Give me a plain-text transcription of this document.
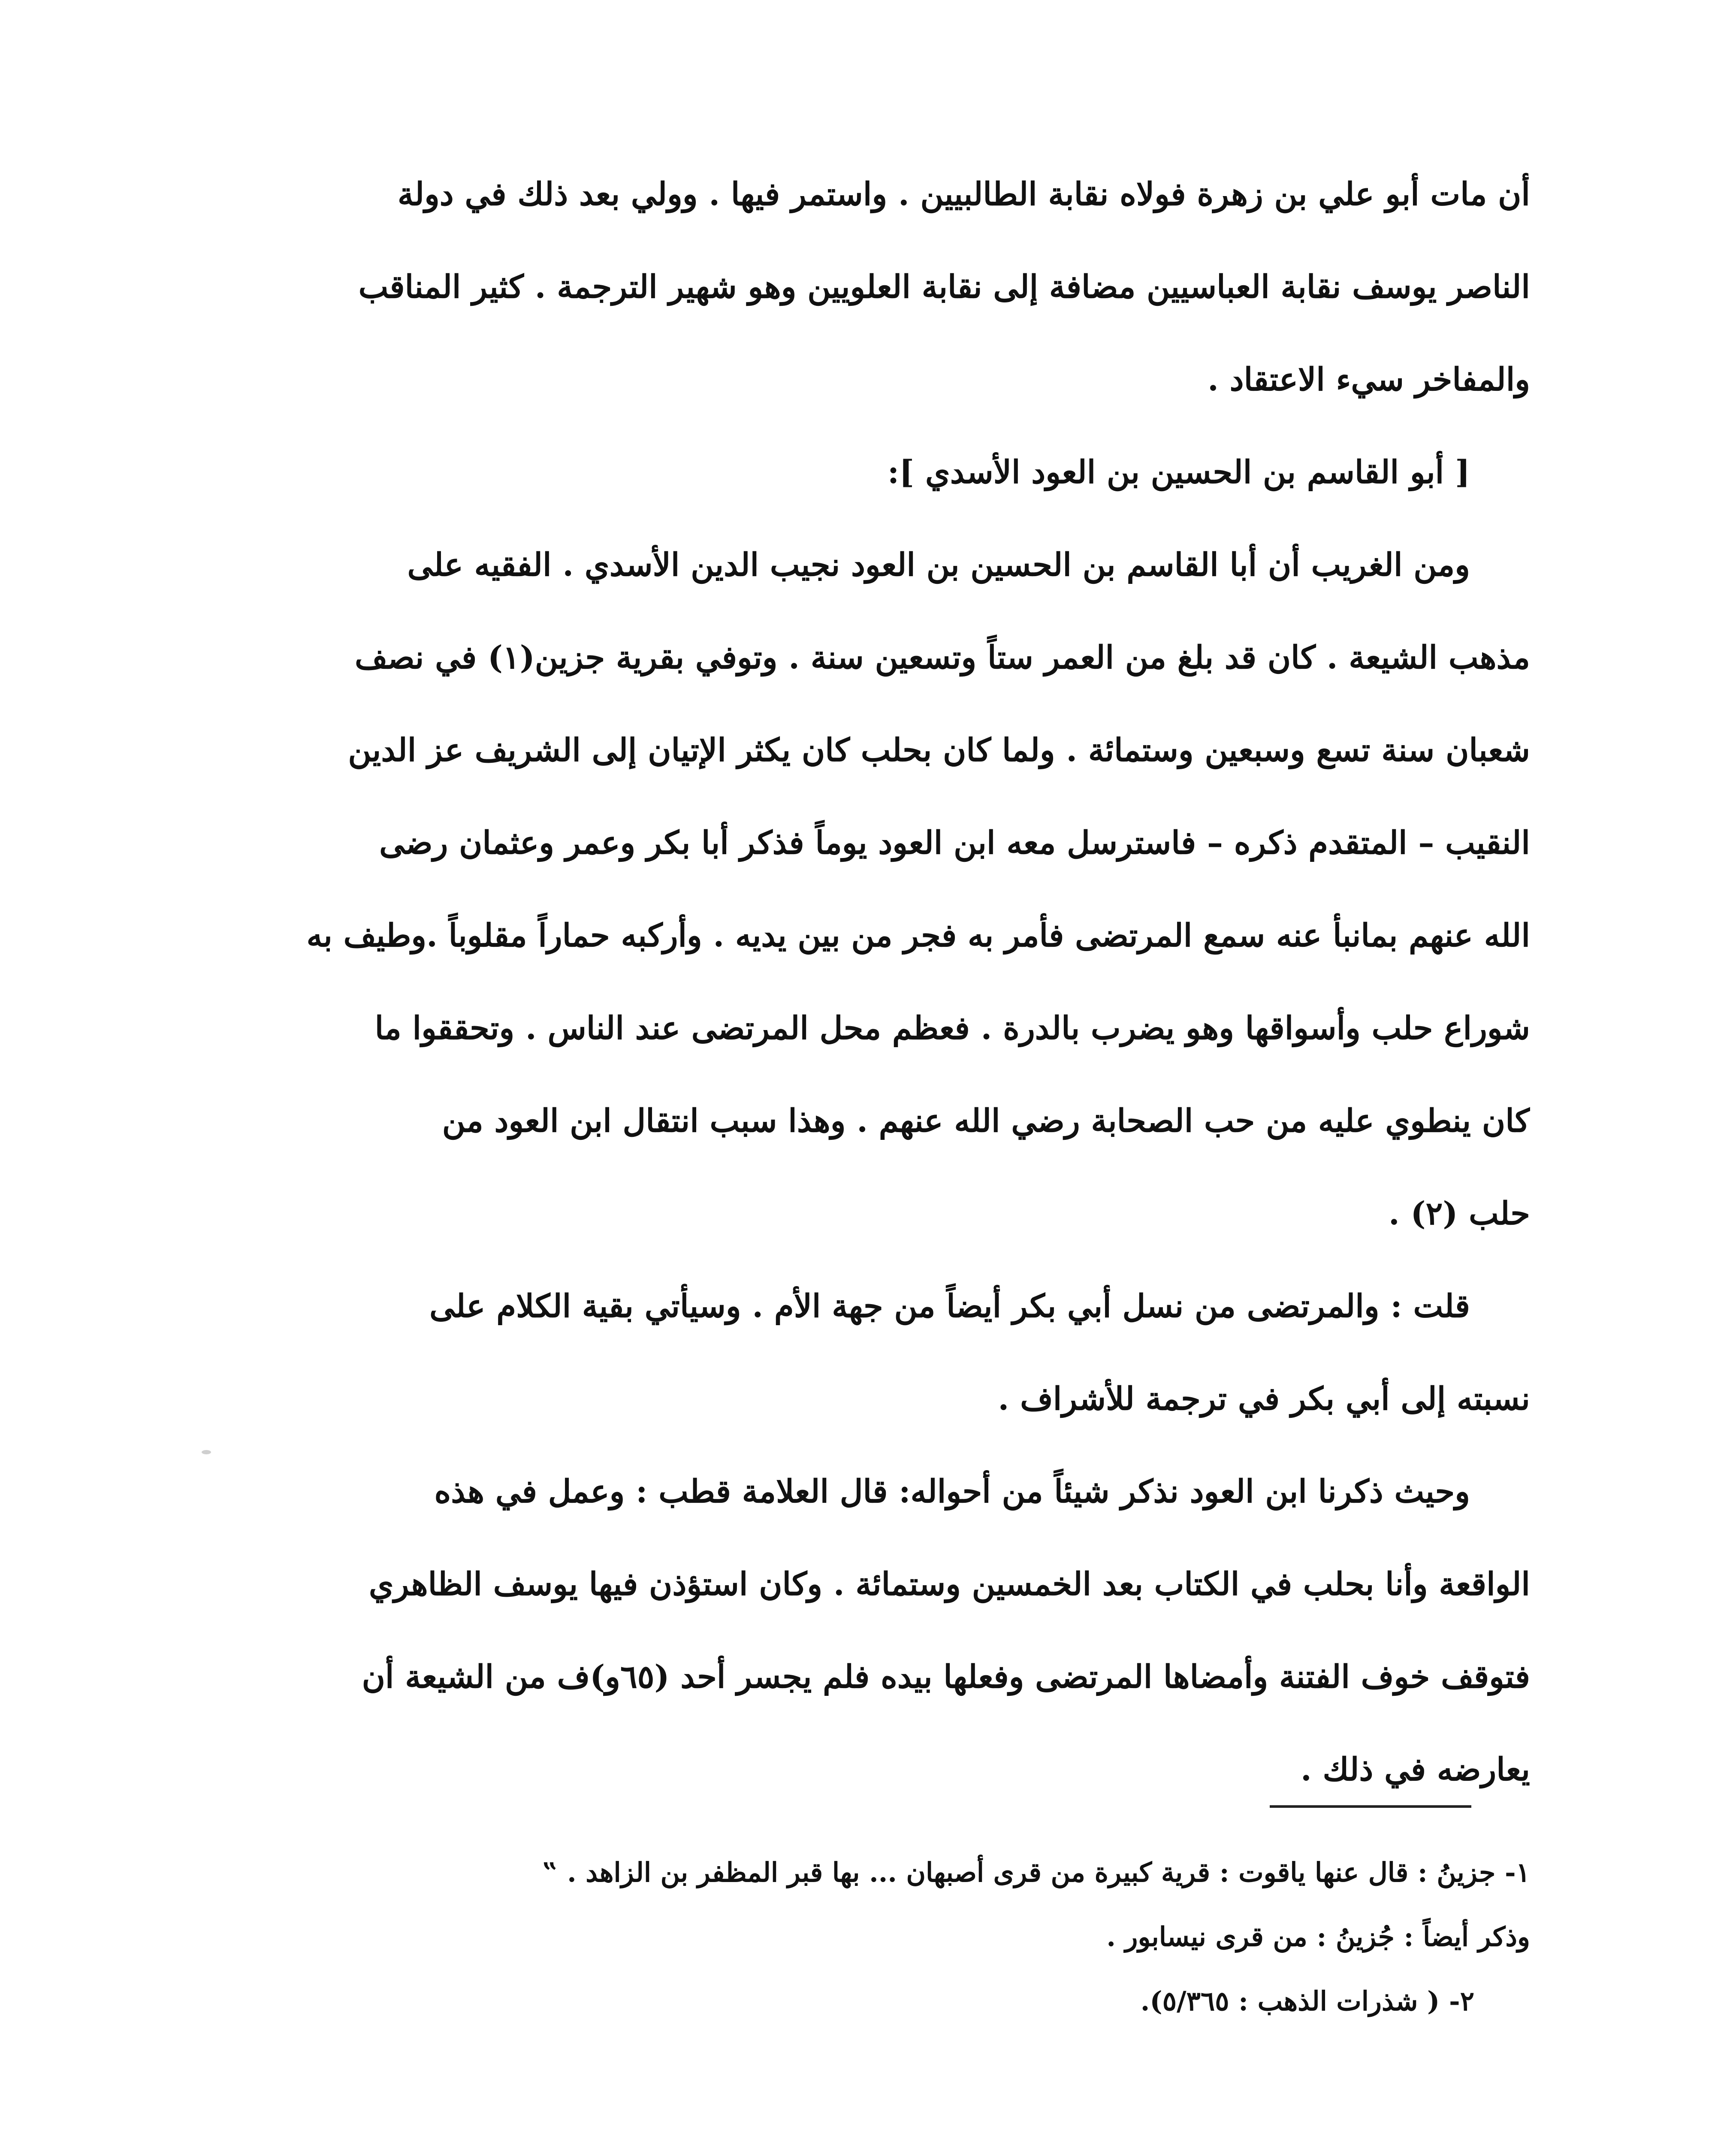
أن مات أبو علي بن زهرة فولاه نقابة الطالبيين . واستمر فيها . وولي بعد ذلك في دولة
الناصر يوسف نقابة العباسيين مضافة إلى نقابة العلويين وهو شهير الترجمة . كثير المناقب
والمفاخر سيء الاعتقاد .
[ أبو القاسم بن الحسين بن العود الأسدي ]:
ومن الغريب أن أبا القاسم بن الحسين بن العود نجيب الدين الأسدي . الفقيه على
مذهب الشيعة . كان قد بلغ من العمر ستاً وتسعين سنة . وتوفي بقرية جزين(١) في نصف
شعبان سنة تسع وسبعين وستمائة . ولما كان بحلب كان يكثر الإتيان إلى الشريف عز الدين
النقيب – المتقدم ذكره – فاسترسل معه ابن العود يوماً فذكر أبا بكر وعمر وعثمان رضى
الله عنهم بمانبأ عنه سمع المرتضى فأمر به فجر من بين يديه . وأركبه حماراً مقلوباً .وطيف به
شوراع حلب وأسواقها وهو يضرب بالدرة . فعظم محل المرتضى عند الناس . وتحققوا ما
كان ينطوي عليه من حب الصحابة رضي الله عنهم . وهذا سبب انتقال ابن العود من
حلب (٢) .
قلت : والمرتضى من نسل أبي بكر أيضاً من جهة الأم . وسيأتي بقية الكلام على
نسبته إلى أبي بكر في ترجمة للأشراف .
وحيث ذكرنا ابن العود نذكر شيئاً من أحواله: قال العلامة قطب : وعمل في هذه
الواقعة وأنا بحلب في الكتاب بعد الخمسين وستمائة . وكان استؤذن فيها يوسف الظاهري
فتوقف خوف الفتنة وأمضاها المرتضى وفعلها بيده فلم يجسر أحد (٦٥و)ف من الشيعة أن
يعارضه في ذلك .
١- جزينُ : قال عنها ياقوت : قرية كبيرة من قرى أصبهان ... بها قبر المظفر بن الزاهد . ‟
وذكر أيضاً : جُزينُ : من قرى نيسابور .
٢- ( شذرات الذهب : ٥/٣٦٥).
